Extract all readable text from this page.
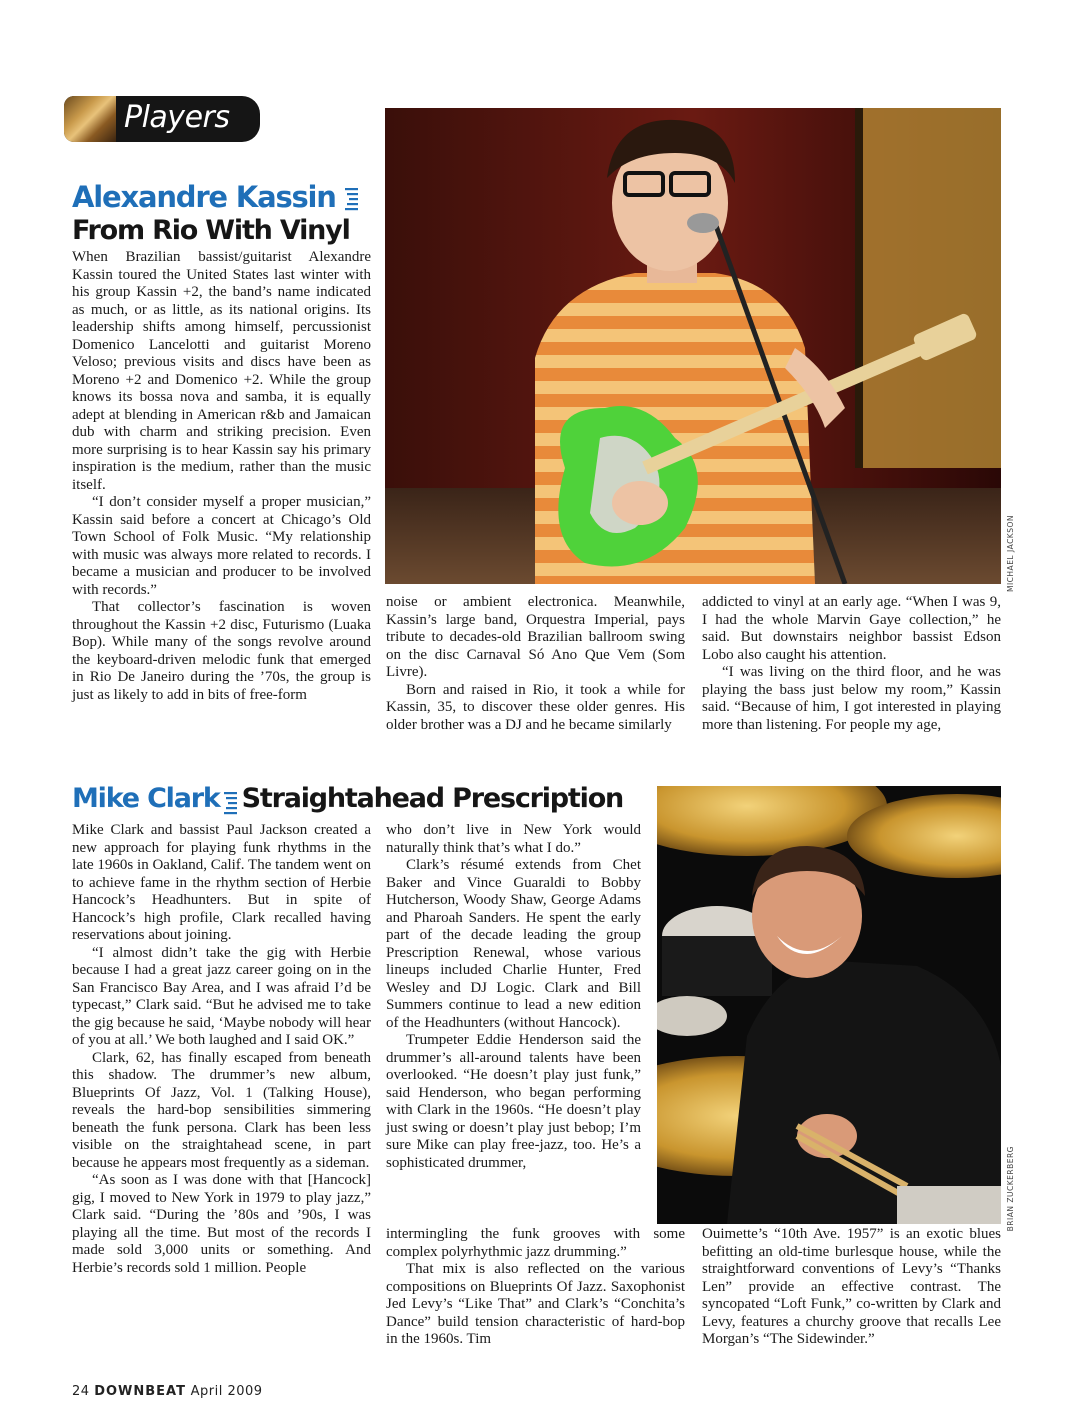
Players
Alexandre Kassin
From Rio With Vinyl
MICHAEL JACKSON

When Brazilian bassist/guitarist Alexandre Kassin toured the United States last winter with his group Kassin +2, the band’s name indicated as much, or as little, as its national origins. Its leadership shifts among himself, percussionist Domenico Lancelotti and guitarist Moreno Veloso; previous visits and discs have been as Moreno +2 and Domenico +2. While the group knows its bossa nova and samba, it is equally adept at blending in American r&b and Jamaican dub with charm and striking precision. Even more surprising is to hear Kassin say his primary inspiration is the medium, rather than the music itself.

“I don’t consider myself a proper musician,” Kassin said before a concert at Chicago’s Old Town School of Folk Music. “My relationship with music was always more related to records. I became a musician and producer to be involved with records.”

That collector’s fascination is woven throughout the Kassin +2 disc, Futurismo (Luaka Bop). While many of the songs revolve around the keyboard-driven melodic funk that emerged in Rio De Janeiro during the ’70s, the group is just as likely to add in bits of free-form

noise or ambient electronica. Meanwhile, Kassin’s large band, Orquestra Imperial, pays tribute to decades-old Brazilian ballroom swing on the disc Carnaval Só Ano Que Vem (Som Livre).

Born and raised in Rio, it took a while for Kassin, 35, to discover these older genres. His older brother was a DJ and he became similarly

addicted to vinyl at an early age. “When I was 9, I had the whole Marvin Gaye collection,” he said. But downstairs neighbor bassist Edson Lobo also caught his attention.

“I was living on the third floor, and he was playing the bass just below my room,” Kassin said. “Because of him, I got interested in playing more than listening. For people my age,

Mike Clark Straightahead Prescription
BRIAN ZUCKERBERG

Mike Clark and bassist Paul Jackson created a new approach for playing funk rhythms in the late 1960s in Oakland, Calif. The tandem went on to achieve fame in the rhythm section of Herbie Hancock’s Headhunters. But in spite of Hancock’s high profile, Clark recalled having reservations about joining.

“I almost didn’t take the gig with Herbie because I had a great jazz career going on in the San Francisco Bay Area, and I was afraid I’d be typecast,” Clark said. “But he advised me to take the gig because he said, ‘Maybe nobody will hear of you at all.’ We both laughed and I said OK.”

Clark, 62, has finally escaped from beneath this shadow. The drummer’s new album, Blueprints Of Jazz, Vol. 1 (Talking House), reveals the hard-bop sensibilities simmering beneath the funk persona. Clark has been less visible on the straightahead scene, in part because he appears most frequently as a sideman.

“As soon as I was done with that [Hancock] gig, I moved to New York in 1979 to play jazz,” Clark said. “During the ’80s and ’90s, I was playing all the time. But most of the records I made sold 3,000 units or something. And Herbie’s records sold 1 million. People

who don’t live in New York would naturally think that’s what I do.”

Clark’s résumé extends from Chet Baker and Vince Guaraldi to Bobby Hutcherson, Woody Shaw, George Adams and Pharoah Sanders. He spent the early part of the decade leading the group Prescription Renewal, whose various lineups included Charlie Hunter, Fred Wesley and DJ Logic. Clark and Bill Summers continue to lead a new edition of the Headhunters (without Hancock).

Trumpeter Eddie Henderson said the drummer’s all-around talents have been overlooked. “He doesn’t play just funk,” said Henderson, who began performing with Clark in the 1960s. “He doesn’t play just swing or doesn’t play just bebop; I’m sure Mike can play free-jazz, too. He’s a sophisticated drummer,

intermingling the funk grooves with some complex polyrhythmic jazz drumming.”

That mix is also reflected on the various compositions on Blueprints Of Jazz. Saxophonist Jed Levy’s “Like That” and Clark’s “Conchita’s Dance” build tension characteristic of hard-bop in the 1960s. Tim

Ouimette’s “10th Ave. 1957” is an exotic blues befitting an old-time burlesque house, while the straightforward conventions of Levy’s “Thanks Len” provide an effective contrast. The syncopated “Loft Funk,” co-written by Clark and Levy, features a churchy groove that recalls Lee Morgan’s “The Sidewinder.”

24 DOWNBEAT April 2009
